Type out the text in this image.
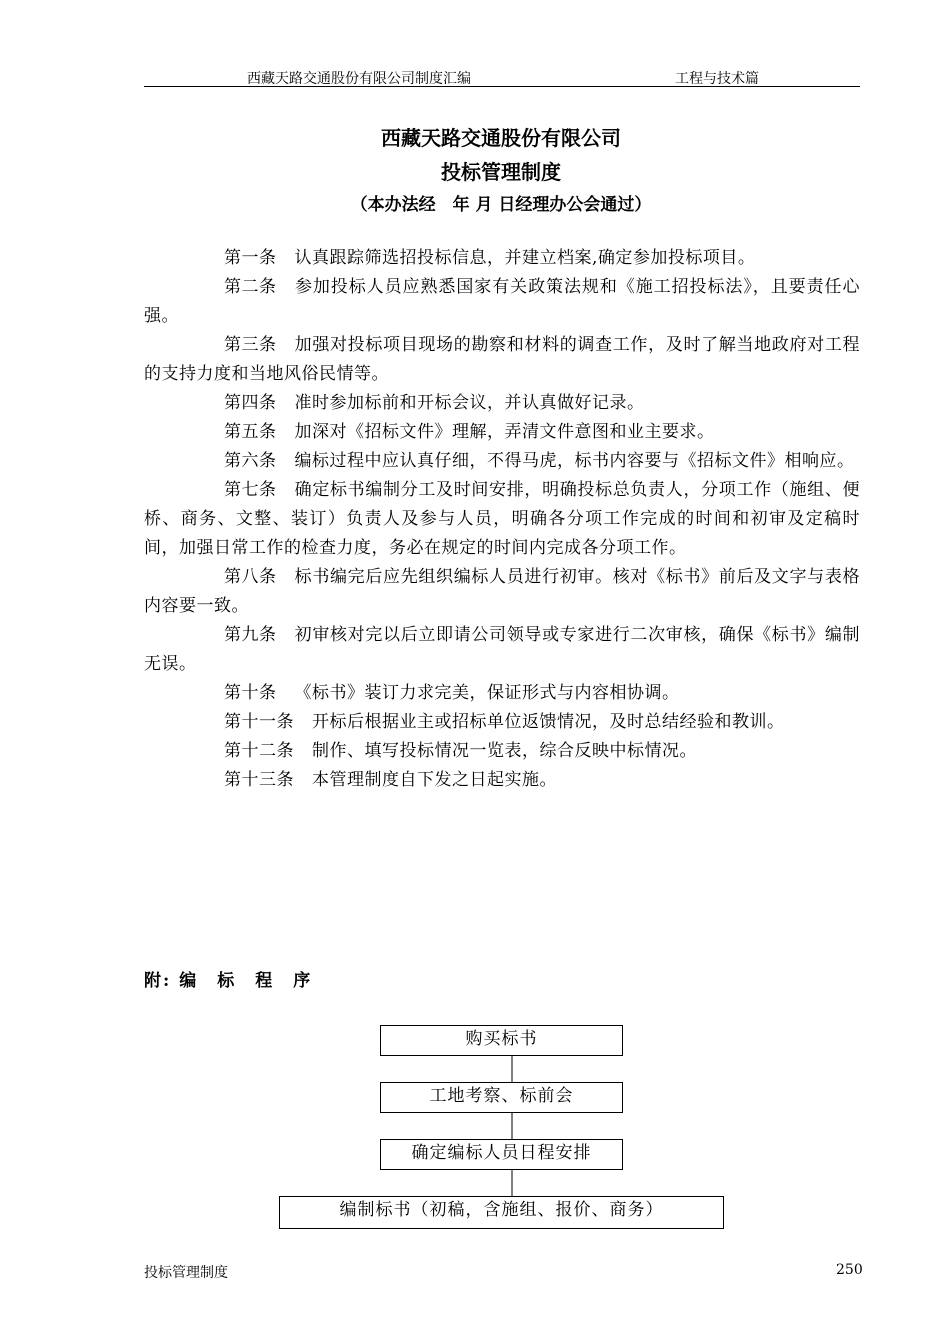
西藏天路交通股份有限公司制度汇编	工程与技术篇
西藏天路交通股份有限公司
投标管理制度
（本办法经　年 月 日经理办公会通过）

第一条 认真跟踪筛选招投标信息，并建立档案,确定参加投标项目。

第二条 参加投标人员应熟悉国家有关政策法规和《施工招投标法》，且要责任心强。

第三条 加强对投标项目现场的勘察和材料的调查工作，及时了解当地政府对工程的支持力度和当地风俗民情等。

第四条 准时参加标前和开标会议，并认真做好记录。

第五条 加深对《招标文件》理解，弄清文件意图和业主要求。

第六条 编标过程中应认真仔细，不得马虎，标书内容要与《招标文件》相响应。

第七条 确定标书编制分工及时间安排，明确投标总负责人，分项工作（施组、便桥、商务、文整、装订）负责人及参与人员，明确各分项工作完成的时间和初审及定稿时间，加强日常工作的检查力度，务必在规定的时间内完成各分项工作。

第八条 标书编完后应先组织编标人员进行初审。核对《标书》前后及文字与表格内容要一致。

第九条 初审核对完以后立即请公司领导或专家进行二次审核，确保《标书》编制无误。

第十条 《标书》装订力求完美，保证形式与内容相协调。

第十一条 开标后根据业主或招标单位返馈情况，及时总结经验和教训。

第十二条 制作、填写投标情况一览表，综合反映中标情况。

第十三条 本管理制度自下发之日起实施。

附: 编　标　程　序
购买标书
工地考察、标前会
确定编标人员日程安排
编制标书（初稿，含施组、报价、商务）
投标管理制度	250
